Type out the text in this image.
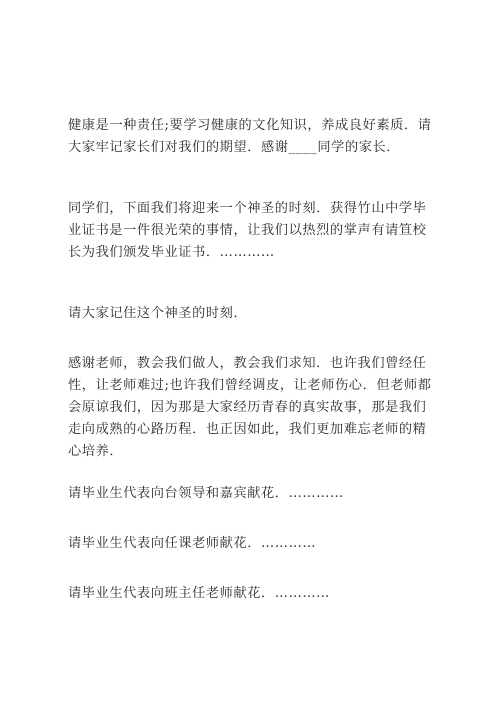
健康是一种责任;要学习健康的文化知识，养成良好素质．请大家牢记家长们对我们的期望．感谢____同学的家长．

同学们，下面我们将迎来一个神圣的时刻．获得竹山中学毕业证书是一件很光荣的事情，让我们以热烈的掌声有请笪校长为我们颁发毕业证书．…………

请大家记住这个神圣的时刻．

感谢老师，教会我们做人，教会我们求知．也许我们曾经任性，让老师难过;也许我们曾经调皮，让老师伤心．但老师都会原谅我们，因为那是大家经历青春的真实故事，那是我们走向成熟的心路历程．也正因如此，我们更加难忘老师的精心培养．

请毕业生代表向台领导和嘉宾献花．…………

请毕业生代表向任课老师献花．…………

请毕业生代表向班主任老师献花．…………
